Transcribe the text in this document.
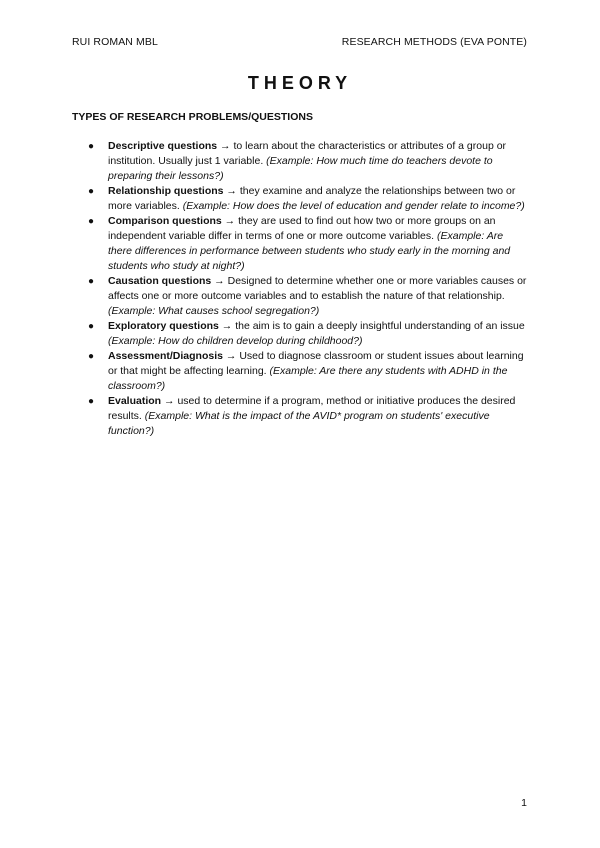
RUI ROMAN MBL	RESEARCH METHODS (EVA PONTE)
THEORY
TYPES OF RESEARCH PROBLEMS/QUESTIONS
● Descriptive questions → to learn about the characteristics or attributes of a group or institution. Usually just 1 variable. (Example: How much time do teachers devote to preparing their lessons?)
● Relationship questions → they examine and analyze the relationships between two or more variables. (Example: How does the level of education and gender relate to income?)
● Comparison questions → they are used to find out how two or more groups on an independent variable differ in terms of one or more outcome variables. (Example: Are there differences in performance between students who study early in the morning and students who study at night?)
● Causation questions → Designed to determine whether one or more variables causes or affects one or more outcome variables and to establish the nature of that relationship. (Example: What causes school segregation?)
● Exploratory questions → the aim is to gain a deeply insightful understanding of an issue (Example: How do children develop during childhood?)
● Assessment/Diagnosis → Used to diagnose classroom or student issues about learning or that might be affecting learning. (Example: Are there any students with ADHD in the classroom?)
● Evaluation → used to determine if a program, method or initiative produces the desired results. (Example: What is the impact of the AVID* program on students' executive function?)
1
